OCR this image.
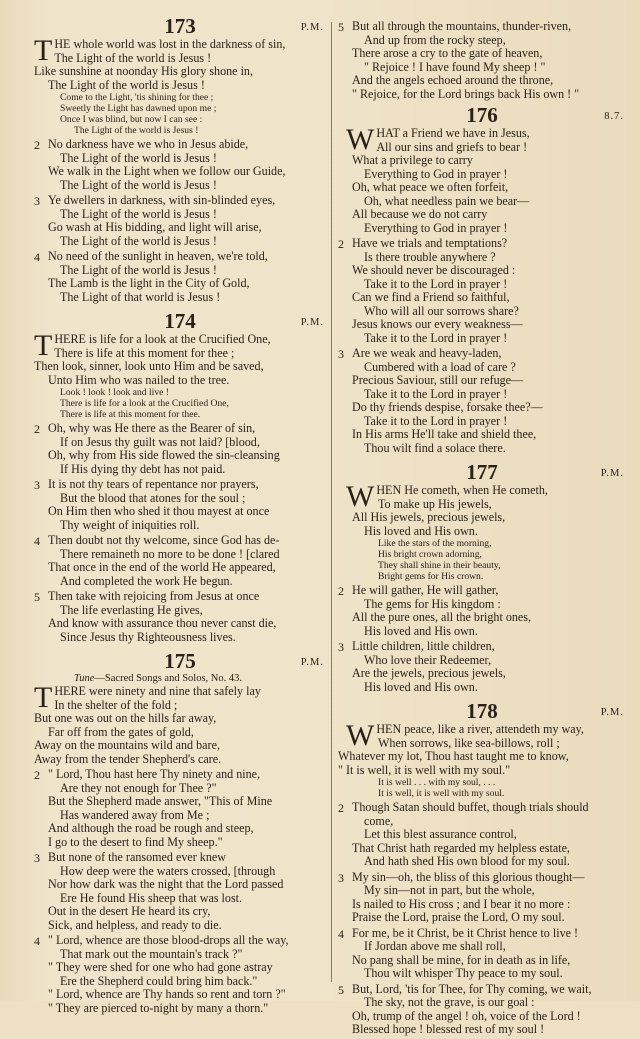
173	P.M.
THE whole world was lost in the darkness of sin,
The Light of the world is Jesus !
Like sunshine at noonday His glory shone in,
The Light of the world is Jesus !
Come to the Light, 'tis shining for thee ;
Sweetly the Light has dawned upon me ;
Once I was blind, but now I can see :
The Light of the world is Jesus !
2 No darkness have we who in Jesus abide,
The Light of the world is Jesus !
We walk in the Light when we follow our Guide,
The Light of the world is Jesus !
3 Ye dwellers in darkness, with sin-blinded eyes,
The Light of the world is Jesus !
Go wash at His bidding, and light will arise,
The Light of the world is Jesus !
4 No need of the sunlight in heaven, we're told,
The Light of the world is Jesus !
The Lamb is the light in the City of Gold,
The Light of that world is Jesus !
174	P.M.
THERE is life for a look at the Crucified One,
There is life at this moment for thee ;
Then look, sinner, look unto Him and be saved,
Unto Him who was nailed to the tree.
Look ! look ! look and live !
There is life for a look at the Crucified One,
There is life at this moment for thee.
2 Oh, why was He there as the Bearer of sin,
If on Jesus thy guilt was not laid? [blood,
Oh, why from His side flowed the sin-cleansing
If His dying thy debt has not paid.
3 It is not thy tears of repentance nor prayers,
But the blood that atones for the soul ;
On Him then who shed it thou mayest at once
Thy weight of iniquities roll.
4 Then doubt not thy welcome, since God has de-
There remaineth no more to be done ! [clared
That once in the end of the world He appeared,
And completed the work He begun.
5 Then take with rejoicing from Jesus at once
The life everlasting He gives,
And know with assurance thou never canst die,
Since Jesus thy Righteousness lives.
175	P.M.
Tune—Sacred Songs and Solos, No. 43.
THERE were ninety and nine that safely lay
In the shelter of the fold ;
But one was out on the hills far away,
Far off from the gates of gold,
Away on the mountains wild and bare,
Away from the tender Shepherd's care.
2 " Lord, Thou hast here Thy ninety and nine,
Are they not enough for Thee ?"
But the Shepherd made answer, "This of Mine
Has wandered away from Me ;
And although the road be rough and steep,
I go to the desert to find My sheep."
3 But none of the ransomed ever knew
How deep were the waters crossed, [through
Nor how dark was the night that the Lord passed
Ere He found His sheep that was lost.
Out in the desert He heard its cry,
Sick, and helpless, and ready to die.
4 " Lord, whence are those blood-drops all the way,
That mark out the mountain's track ?"
" They were shed for one who had gone astray
Ere the Shepherd could bring him back."
" Lord, whence are Thy hands so rent and torn ?"
" They are pierced to-night by many a thorn."
5 But all through the mountains, thunder-riven,
And up from the rocky steep,
There arose a cry to the gate of heaven,
" Rejoice ! I have found My sheep ! "
And the angels echoed around the throne,
" Rejoice, for the Lord brings back His own ! "
176	8.7.
WHAT a Friend we have in Jesus,
All our sins and griefs to bear !
What a privilege to carry
Everything to God in prayer !
Oh, what peace we often forfeit,
Oh, what needless pain we bear—
All because we do not carry
Everything to God in prayer !
2 Have we trials and temptations?
Is there trouble anywhere ?
We should never be discouraged :
Take it to the Lord in prayer !
Can we find a Friend so faithful,
Who will all our sorrows share?
Jesus knows our every weakness—
Take it to the Lord in prayer !
3 Are we weak and heavy-laden,
Cumbered with a load of care ?
Precious Saviour, still our refuge—
Take it to the Lord in prayer !
Do thy friends despise, forsake thee?—
Take it to the Lord in prayer !
In His arms He'll take and shield thee,
Thou wilt find a solace there.
177	P.M.
WHEN He cometh, when He cometh,
To make up His jewels,
All His jewels, precious jewels,
His loved and His own.
Like the stars of the morning,
His bright crown adorning,
They shall shine in their beauty,
Bright gems for His crown.
2 He will gather, He will gather,
The gems for His kingdom :
All the pure ones, all the bright ones,
His loved and His own.
3 Little children, little children,
Who love their Redeemer,
Are the jewels, precious jewels,
His loved and His own.
178	P.M.
WHEN peace, like a river, attendeth my way,
When sorrows, like sea-billows, roll ;
Whatever my lot, Thou hast taught me to know,
" It is well, it is well with my soul."
It is well . . . with my soul, . . .
It is well, it is well with my soul.
2 Though Satan should buffet, though trials should
come,
Let this blest assurance control,
That Christ hath regarded my helpless estate,
And hath shed His own blood for my soul.
3 My sin—oh, the bliss of this glorious thought—
My sin—not in part, but the whole,
Is nailed to His cross ; and I bear it no more :
Praise the Lord, praise the Lord, O my soul.
4 For me, be it Christ, be it Christ hence to live !
If Jordan above me shall roll,
No pang shall be mine, for in death as in life,
Thou wilt whisper Thy peace to my soul.
5 But, Lord, 'tis for Thee, for Thy coming, we wait,
The sky, not the grave, is our goal :
Oh, trump of the angel ! oh, voice of the Lord !
Blessed hope ! blessed rest of my soul !
